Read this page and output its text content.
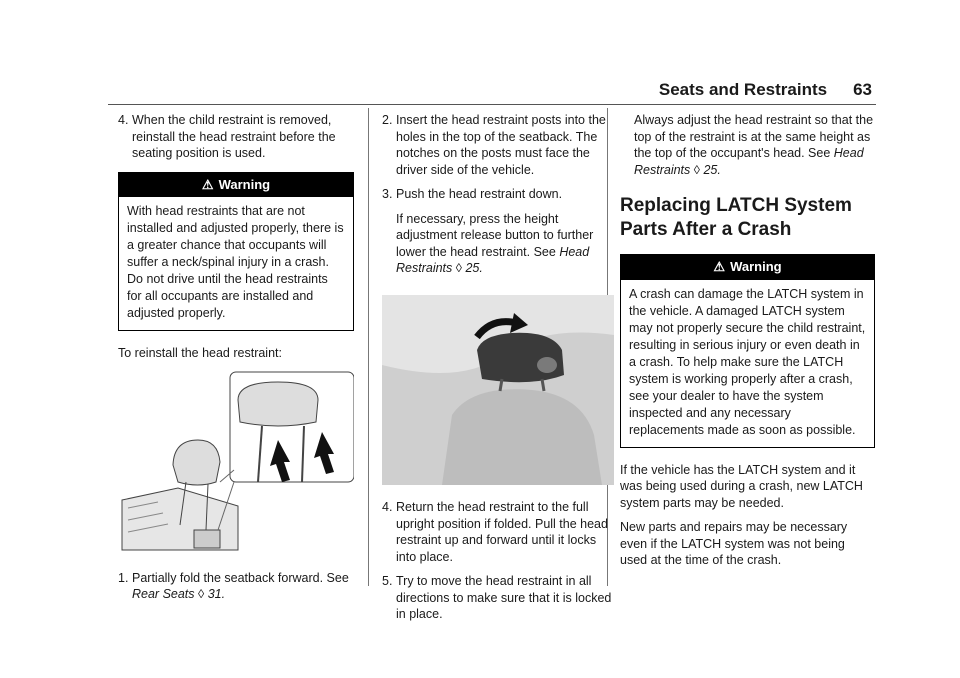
Seats and Restraints 63
4. When the child restraint is removed, reinstall the head restraint before the seating position is used.
⚠ Warning
With head restraints that are not installed and adjusted properly, there is a greater chance that occupants will suffer a neck/spinal injury in a crash. Do not drive until the head restraints for all occupants are installed and adjusted properly.

To reinstall the head restraint:

1. Partially fold the seatback forward. See Rear Seats ◊ 31.
2. Insert the head restraint posts into the holes in the top of the seatback. The notches on the posts must face the driver side of the vehicle.
3. Push the head restraint down.
If necessary, press the height adjustment release button to further lower the head restraint. See Head Restraints ◊ 25.
4. Return the head restraint to the full upright position if folded. Pull the head restraint up and forward until it locks into place.
5. Try to move the head restraint in all directions to make sure that it is locked in place.
Always adjust the head restraint so that the top of the restraint is at the same height as the top of the occupant's head. See Head Restraints ◊ 25.
Replacing LATCH System Parts After a Crash
⚠ Warning
A crash can damage the LATCH system in the vehicle. A damaged LATCH system may not properly secure the child restraint, resulting in serious injury or even death in a crash. To help make sure the LATCH system is working properly after a crash, see your dealer to have the system inspected and any necessary replacements made as soon as possible.

If the vehicle has the LATCH system and it was being used during a crash, new LATCH system parts may be needed.

New parts and repairs may be necessary even if the LATCH system was not being used at the time of the crash.
